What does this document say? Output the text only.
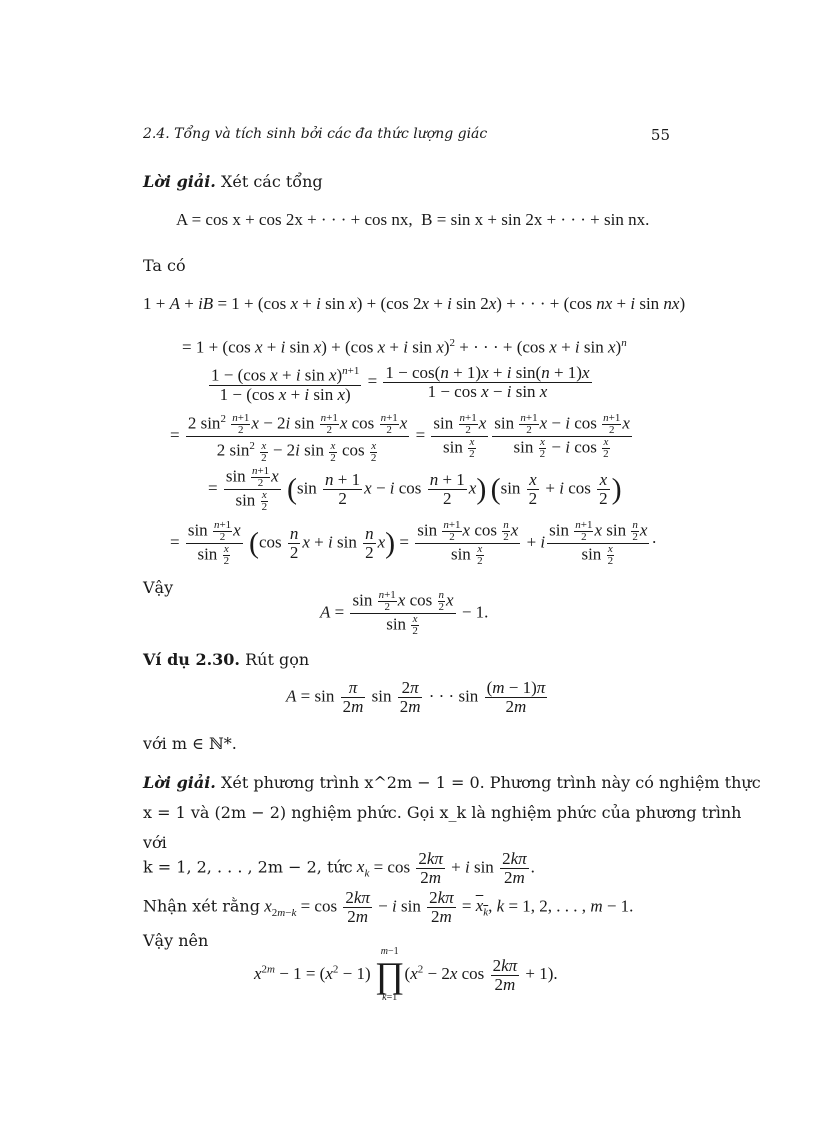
2.4. Tổng và tích sinh bởi các đa thức lượng giác	55
Lời giải. Xét các tổng
A = cos x + cos 2x + · · · + cos nx, B = sin x + sin 2x + · · · + sin nx.
Ta có
1 + A + iB = 1 + (cos x + i sin x) + (cos 2x + i sin 2x) + · · · + (cos nx + i sin nx)
= 1 + (cos x + i sin x) + (cos x + i sin x)$^2$ + · · · + (cos x + i sin x)$^n$
$\frac{1 - (\cos x + i \sin x)^{n+1}}{\text{1 − (cos x + i sin x)}} = \frac{\text{1 − cos(n + 1)x + i sin(n + 1)x}}{\text{1 − cos x − i sin x}}$
= $\frac{2 \sin^2 \frac{n+1}{2} x - 2i \sin \frac{n+1}{2} x \cos \frac{n+1}{2} x}{2 \sin^2 \frac{x}{2} - 2i \sin \frac{x}{2} \cos \frac{x}{2}} = \frac{\sin \frac{n+1}{2} x}{\sin \frac{x}{2}} \frac{\sin \frac{n+1}{2} x - i \cos \frac{n+1}{2} x}{\sin \frac{x}{2} - i \cos \frac{x}{2}}$
= $\frac{\sin \frac{n+1}{2} x}{\sin \frac{x}{2}} (\sin \frac{n + 1}{2}$ x − i $\cos \frac{n + 1}{2} x$) ($\sin \frac{x}{2} + i$ $\cos \frac{x}{2}$ )
= $\frac{\sin \frac{n+1}{2} x}{\sin \frac{x}{2}} (\cos \frac{n}{2}$ x + i $\sin \frac{n}{2} x) = \frac{\sin \frac{n+1}{2} x \cos \frac{n}{2} x}{\sin \frac{x}{2}} + i \frac{\sin \frac{n+1}{2} x \sin \frac{n}{2} x}{\sin \frac{x}{2}}$ ·
Vậy
$A = \frac{\sin \frac{n+1}{2} x \cos \frac{n}{2} x}{\sin \frac{x}{2}} - 1$.
Ví dụ 2.30. Rút gọn
$A = \sin \frac{\pi}{2m}$ $\sin \frac{2\pi}{2m}$ · · · $\sin \frac{(m - 1)\pi}{2m}$
với m ∈ ℕ*.
Lời giải. Xét phương trình x^2m − 1 = 0. Phương trình này có nghiệm thực
x = 1 và (2m − 2) nghiệm phức. Gọi x_k là nghiệm phức của phương trình
với
k = 1, 2, . . . , 2m − 2, tức $x_k = \cos \frac{2k\pi}{2m} + i$ $\sin \frac{2k\pi}{2m}$ .
Nhận xét rằng $x_{2m-k} = \cos \frac{2k\pi}{2m} - i$ $\sin \frac{2k\pi}{2m} = x_k$, k = 1, 2, . . . , m − 1.
Vậy nên
$x^{2m} - 1 = (x^2 - 1)$
m−1
∏
k=1
($x^2 - 2x$ $\cos \frac{2k\pi}{2m} + 1$).
